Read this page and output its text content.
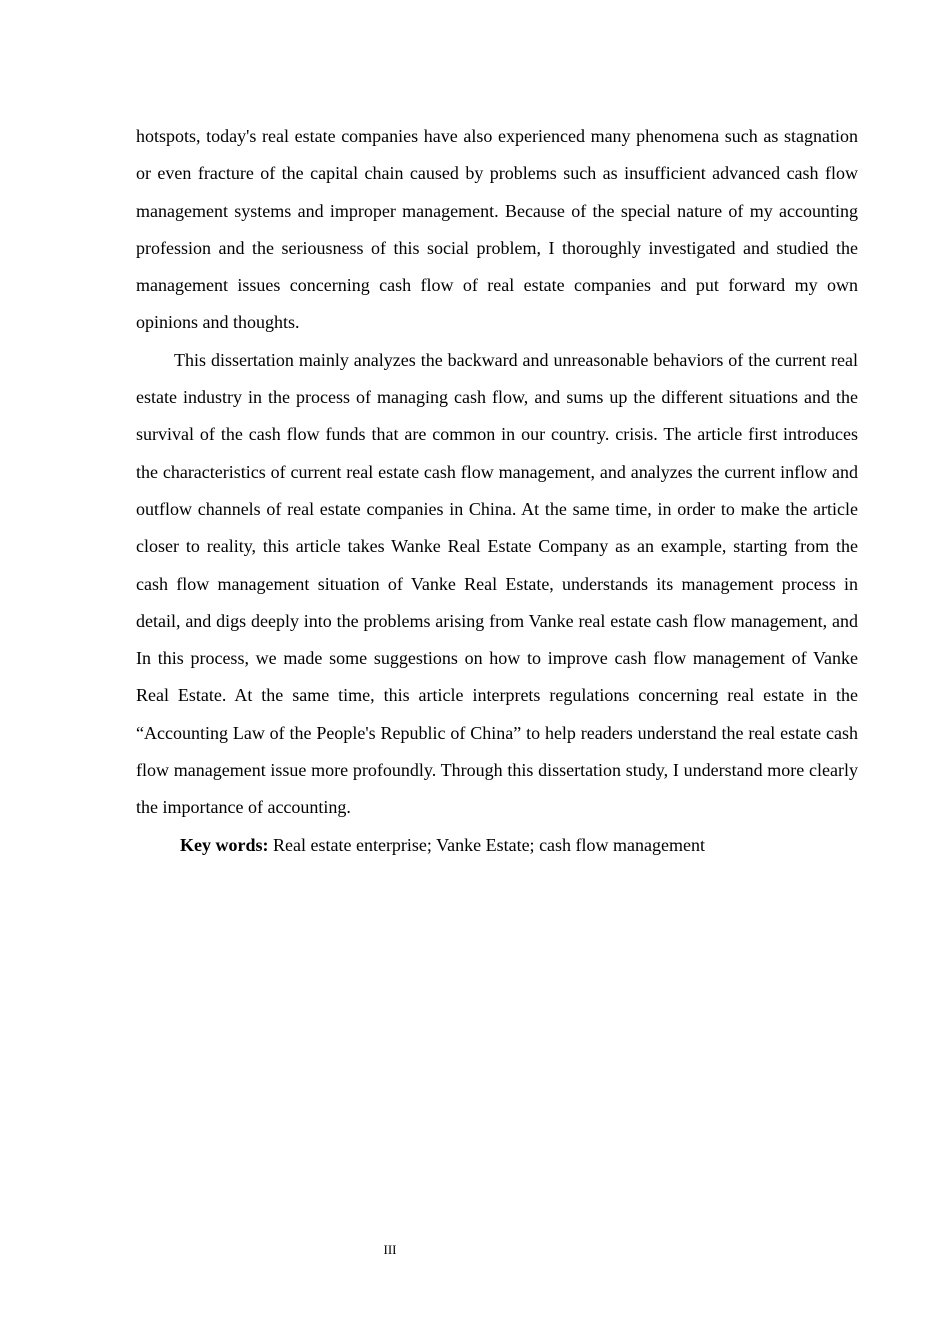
hotspots, today's real estate companies have also experienced many phenomena such as stagnation or even fracture of the capital chain caused by problems such as insufficient advanced cash flow management systems and improper management. Because of the special nature of my accounting profession and the seriousness of this social problem, I thoroughly investigated and studied the management issues concerning cash flow of real estate companies and put forward my own opinions and thoughts.

This dissertation mainly analyzes the backward and unreasonable behaviors of the current real estate industry in the process of managing cash flow, and sums up the different situations and the survival of the cash flow funds that are common in our country. crisis. The article first introduces the characteristics of current real estate cash flow management, and analyzes the current inflow and outflow channels of real estate companies in China. At the same time, in order to make the article closer to reality, this article takes Wanke Real Estate Company as an example, starting from the cash flow management situation of Vanke Real Estate, understands its management process in detail, and digs deeply into the problems arising from Vanke real estate cash flow management, and In this process, we made some suggestions on how to improve cash flow management of Vanke Real Estate. At the same time, this article interprets regulations concerning real estate in the “Accounting Law of the People's Republic of China” to help readers understand the real estate cash flow management issue more profoundly. Through this dissertation study, I understand more clearly the importance of accounting.

Key words: Real estate enterprise; Vanke Estate; cash flow management

III
